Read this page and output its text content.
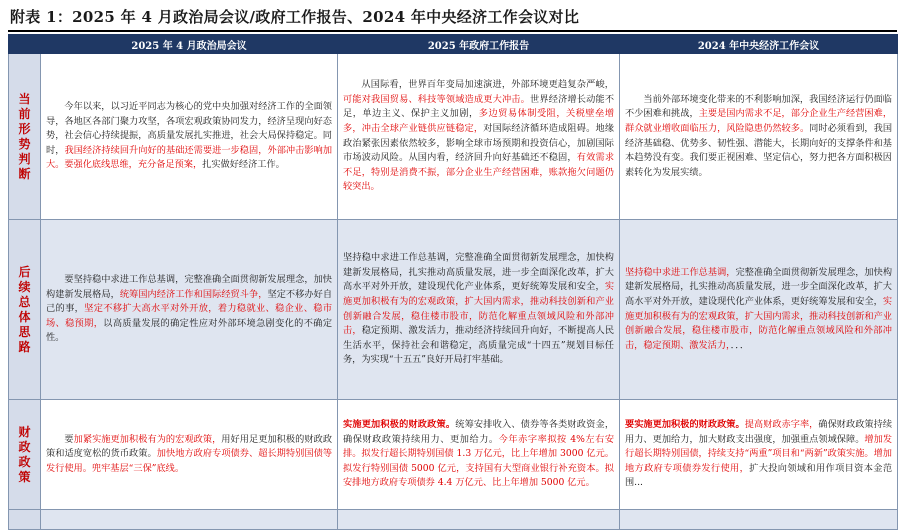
附表 1：2025 年 4 月政治局会议/政府工作报告、2024 年中央经济工作会议对比
	2025 年 4 月政治局会议	2025 年政府工作报告	2024 年中央经济工作会议

当前形势判断	今年以来，以习近平同志为核心的党中央加强对经济工作的全面领导，各地区各部门聚力攻坚，各项宏观政策协同发力，经济呈现向好态势，社会信心持续提振，高质量发展扎实推进，社会大局保持稳定。同时，我国经济持续回升向好的基础还需要进一步稳固，外部冲击影响加大。要强化底线思维，充分备足预案，扎实做好经济工作。	从国际看，世界百年变局加速演进，外部环境更趋复杂严峻，可能对我国贸易、科技等领域造成更大冲击。世界经济增长动能不足，单边主义、保护主义加剧，多边贸易体制受阻，关税壁垒增多，冲击全球产业链供应链稳定，对国际经济循环造成阻碍。地缘政治紧张因素依然较多，影响全球市场预期和投资信心，加剧国际市场波动风险。从国内看，经济回升向好基础还不稳固，有效需求不足，特别是消费不振，部分企业生产经营困难，账款拖欠问题仍较突出。	当前外部环境变化带来的不利影响加深，我国经济运行仍面临不少困难和挑战，主要是国内需求不足，部分企业生产经营困难，群众就业增收面临压力，风险隐患仍然较多。同时必须看到，我国经济基础稳、优势多、韧性强、潜能大，长期向好的支撑条件和基本趋势没有变。我们要正视困难、坚定信心，努力把各方面积极因素转化为发展实绩。

后续总体思路	要坚持稳中求进工作总基调，完整准确全面贯彻新发展理念，加快构建新发展格局，统筹国内经济工作和国际经贸斗争，坚定不移办好自己的事，坚定不移扩大高水平对外开放，着力稳就业、稳企业、稳市场、稳预期，以高质量发展的确定性应对外部环境急剧变化的不确定性。	坚持稳中求进工作总基调，完整准确全面贯彻新发展理念，加快构建新发展格局，扎实推动高质量发展，进一步全面深化改革，扩大高水平对外开放，建设现代化产业体系，更好统筹发展和安全，实施更加积极有为的宏观政策，扩大国内需求，推动科技创新和产业创新融合发展，稳住楼市股市，防范化解重点领域风险和外部冲击，稳定预期、激发活力，推动经济持续回升向好，不断提高人民生活水平，保持社会和谐稳定，高质量完成“十四五”规划目标任务，为实现“十五五”良好开局打牢基础。	坚持稳中求进工作总基调，完整准确全面贯彻新发展理念，加快构建新发展格局，扎实推动高质量发展，进一步全面深化改革，扩大高水平对外开放，建设现代化产业体系，更好统筹发展和安全，实施更加积极有为的宏观政策，扩大国内需求，推动科技创新和产业创新融合发展，稳住楼市股市，防范化解重点领域风险和外部冲击，稳定预期、激发活力，．．．

财政政策	要加紧实施更加积极有为的宏观政策，用好用足更加积极的财政政策和适度宽松的货币政策。加快地方政府专项债券、超长期特别国债等发行使用。兜牢基层“三保”底线。	实施更加积极的财政政策。统筹安排收入、债券等各类财政资金，确保财政政策持续用力、更加给力。今年赤字率拟按 4%左右安排。拟发行超长期特别国债 1.3 万亿元，比上年增加 3000 亿元。拟发行特别国债 5000 亿元，支持国有大型商业银行补充资本。拟安排地方政府专项债券 4.4 万亿元、比上年增加 5000 亿元。	要实施更加积极的财政政策。提高财政赤字率，确保财政政策持续用力、更加给力，加大财政支出强度，加强重点领域保障。增加发行超长期特别国债，持续支持“两重”项目和“两新”政策实施。增加地方政府专项债券发行使用，扩大投向领域和用作项目资本金范围...
